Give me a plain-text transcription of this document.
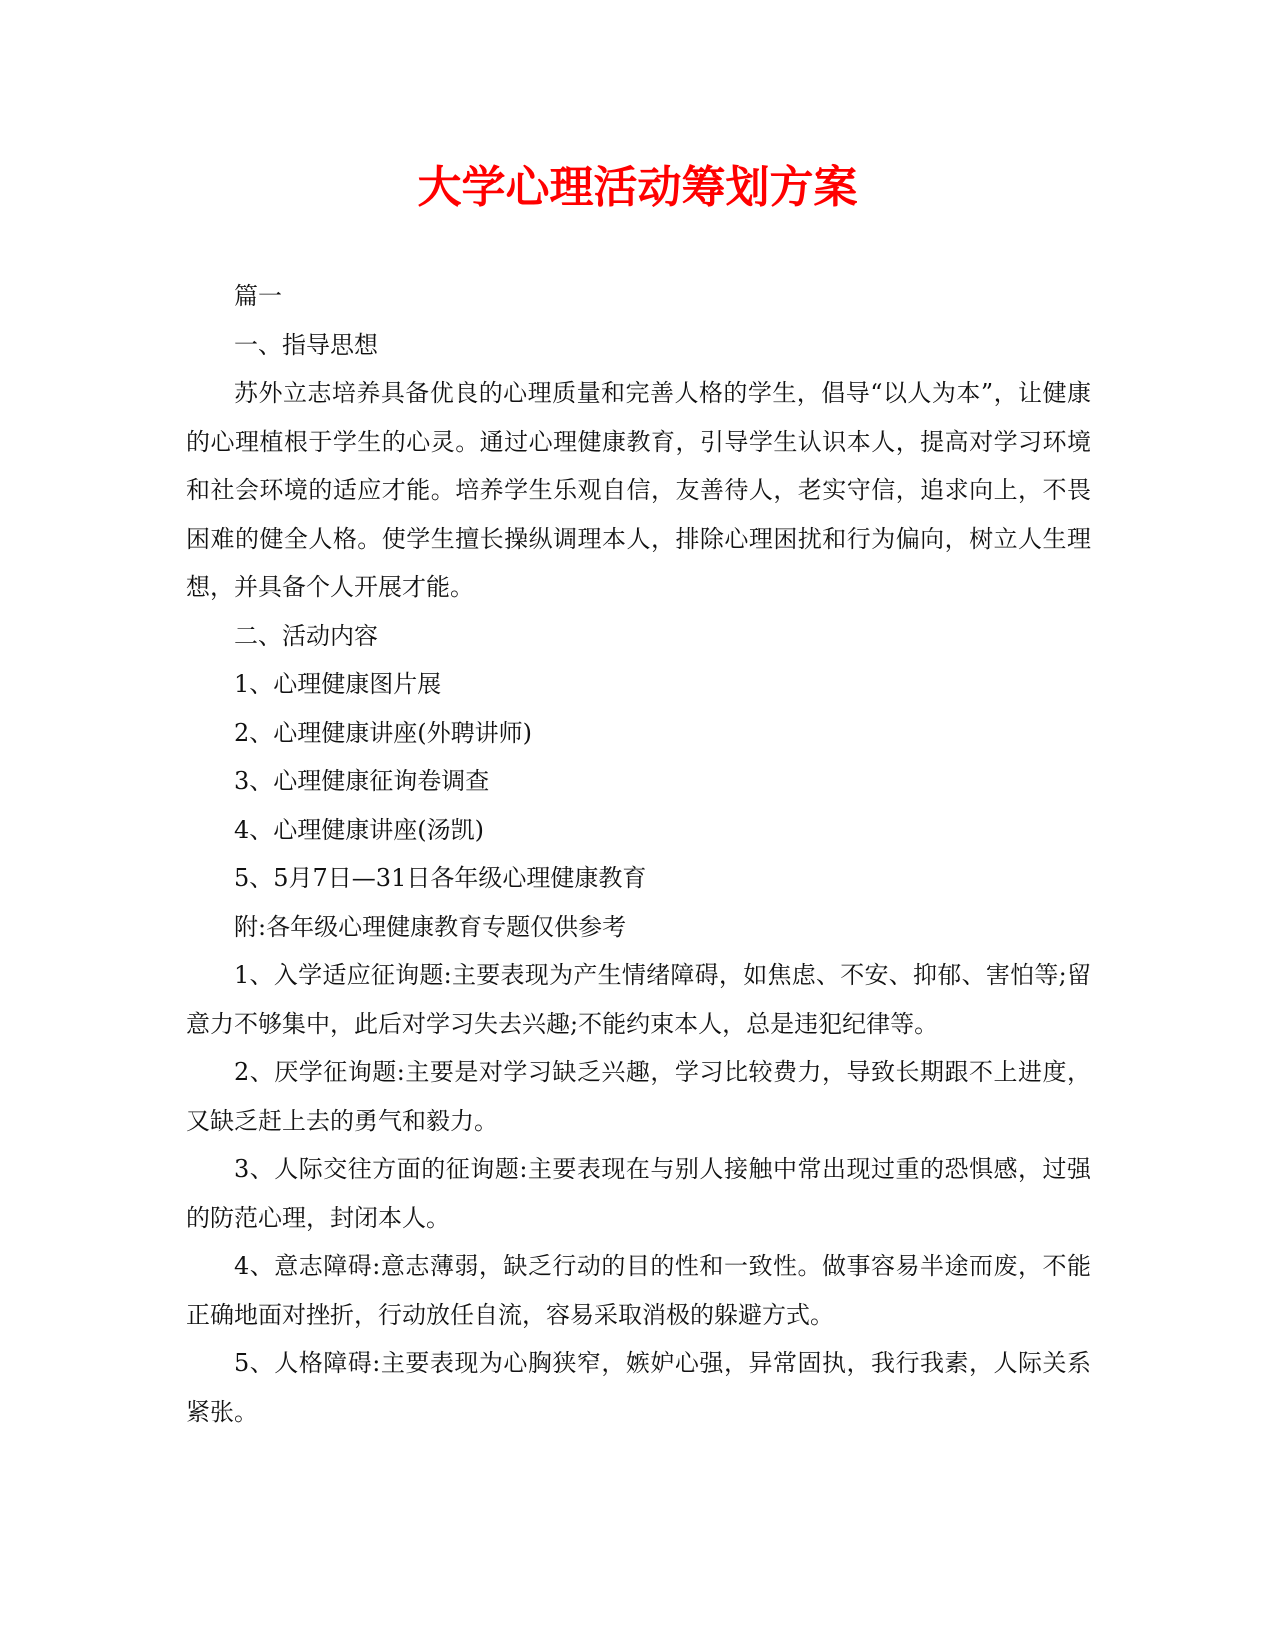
大学心理活动筹划方案

篇一

一、指导思想

苏外立志培养具备优良的心理质量和完善人格的学生，倡导“以人为本”，让健康的心理植根于学生的心灵。通过心理健康教育，引导学生认识本人，提高对学习环境和社会环境的适应才能。培养学生乐观自信，友善待人，老实守信，追求向上，不畏困难的健全人格。使学生擅长操纵调理本人，排除心理困扰和行为偏向，树立人生理想，并具备个人开展才能。

二、活动内容

1、心理健康图片展

2、心理健康讲座(外聘讲师)

3、心理健康征询卷调查

4、心理健康讲座(汤凯)

5、5月7日—31日各年级心理健康教育

附:各年级心理健康教育专题仅供参考

1、入学适应征询题:主要表现为产生情绪障碍，如焦虑、不安、抑郁、害怕等;留意力不够集中，此后对学习失去兴趣;不能约束本人，总是违犯纪律等。

2、厌学征询题:主要是对学习缺乏兴趣，学习比较费力，导致长期跟不上进度，又缺乏赶上去的勇气和毅力。

3、人际交往方面的征询题:主要表现在与别人接触中常出现过重的恐惧感，过强的防范心理，封闭本人。

4、意志障碍:意志薄弱，缺乏行动的目的性和一致性。做事容易半途而废，不能正确地面对挫折，行动放任自流，容易采取消极的躲避方式。

5、人格障碍:主要表现为心胸狭窄，嫉妒心强，异常固执，我行我素，人际关系紧张。
